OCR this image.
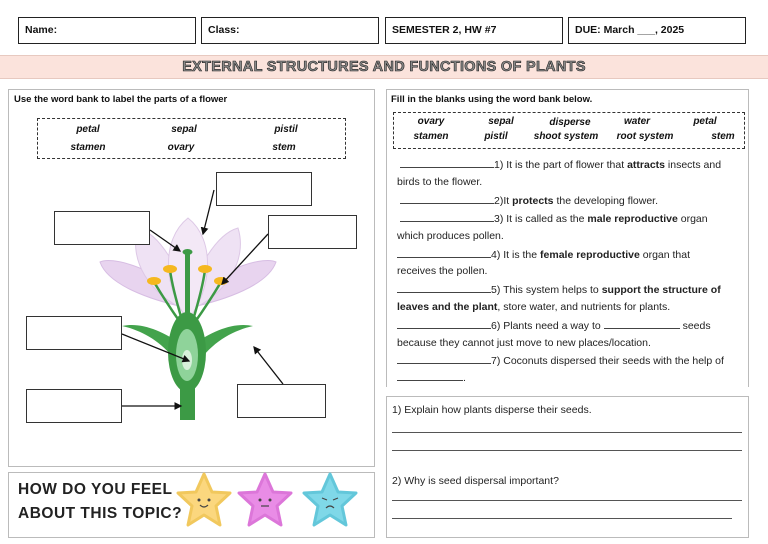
Name:	Class:	SEMESTER 2, HW #7	DUE: March ___, 2025
EXTERNAL STRUCTURES AND FUNCTIONS OF PLANTS
Use the word bank to label the parts of a flower
petal	sepal	pistil
stamen	ovary	stem
HOW DO YOU FEEL
ABOUT THIS TOPIC?
Fill in the blanks using the word bank below.
ovary	sepal	disperse	water	petal
stamen	pistil	shoot system	root system	stem
1) It is the part of flower that attracts insects and
birds to the flower.
2)It protects the developing flower.
3) It is called as the male reproductive organ
which produces pollen.
4) It is the female reproductive organ that
receives the pollen.
5) This system helps to support the structure of
leaves and the plant, store water, and nutrients for plants.
6) Plants need a way to	seeds
because they cannot just move to new places/location.
7) Coconuts dispersed their seeds with the help of
.
1) Explain how plants disperse their seeds.
2) Why is seed dispersal important?
